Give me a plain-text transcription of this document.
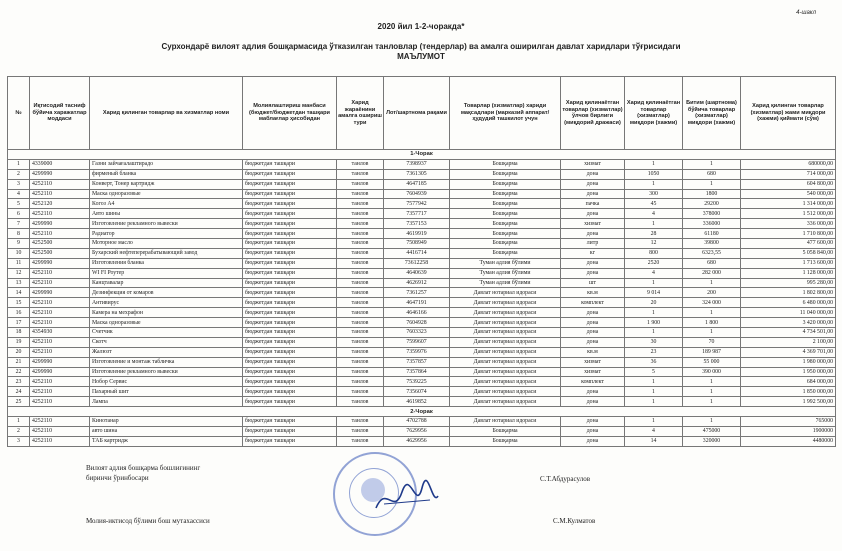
4-шакл
2020 йил 1-2-чоракда*
Сурхондарё вилоят адлия бошқармасида ўтказилган танловлар (тендерлар) ва амалга оширилган давлат харидлари тўғрисидаги
МАЪЛУМОТ
№	Иқтисодий тасниф бўйича харажатлар моддаси	Харид қилинган товарлар ва хизматлар номи	Молиялаштириш манбаси (бюджет/бюджетдан ташқари маблағлар ҳисобидан	Харид жараёнини амалга ошириш тури	Лот/шартнома рақами	Товарлар (хизматлар) хариди мақсадлари (марказий аппарат/ҳудудий ташкилот учун	Харид қилинаётган товарлар (хизматлар) ўлчов бирлиги (миқдорий дражаси)	Харид қилинаётган товарлар (хизматлар) миқдори (хажми)	Битим (шартнома) бўйича товарлар (хизматлар) миқдори (хажми)	Харид қилинган товарлар (хизматлар) жами миқдори (хажми) қиймати (сўм)
1-Чорак										
1	4339000	Газни зайчағалаштирадо	бюджетдан ташқари	танлов	7398937	Бошқарма	хизмат	1	1	680000,00
2	4299990	фирменый бланка	бюджетдан ташқари	танлов	7361305	Бошқарма	дона	1050	680	714 000,00
3	4252110	Конверт, Тонер картридж	бюджетдан ташқари	танлов	4647185	Бошқарма	дона	1	1	604 800,00
4	4252110	Маска одноразовые	бюджетдан ташқари	танлов	7604939	Бошқарма	дона	300	1800	540 000,00
5	4252120	Когоз А4	бюджетдан ташқари	танлов	7577942	Бошқарма	пачка	45	29200	1 314 000,00
6	4252110	Авто шины	бюджетдан ташқари	танлов	7357717	Бошқарма	дона	4	378000	1 512 000,00
7	4299990	Изготовление рекламного вывески	бюджетдан ташқари	танлов	7357153	Бошқарма	хизмат	1	336000	336 000,00
8	4252110	Радиатор	бюджетдан ташқари	танлов	4619919	Бошқарма	дона	28	61180	1 710 800,00
9	4252500	Моторное масло	бюджетдан ташқари	танлов	7508949	Бошқарма	литр	12	39800	477 600,00
10	4252500	Бухарский нефтеперерабатывающий завод	бюджетдан ташқари	танлов	4416714	Бошқарма	кг	800	6323,55	5 058 840,00
11	4299990	Изготовления бланка	бюджетдан ташқари	танлов	73612258	Туман адлия бўлими	дона	2520	680	1 713 600,00
12	4252110	WI FI Роутер	бюджетдан ташқари	танлов	4640639	Туман адлия бўлими	дона	4	282 000	1 128 000,00
13	4252110	Канцтавалар	бюджетдан ташқари	танлов	4626912	Туман адлия бўлими	шт	1	1	995 280,00
14	4299990	Дезинфекция от комаров	бюджетдан ташқари	танлов	7361257	Давлат нотариал идораси	кв.м	9 014	200	1 802 800,00
15	4252110	Антивирус	бюджетдан ташқари	танлов	4647191	Давлат нотариал идораси	комплект	20	324 000	6 480 000,00
16	4252110	Камера на мехрафон	бюджетдан ташқари	танлов	4646166	Давлат нотариал идораси	дона	1	1	11 040 000,00
17	4252110	Маска одноразовые	бюджетдан ташқари	танлов	7604928	Давлат нотариал идораси	дона	1 900	1 800	3 420 000,00
18	4354930	Счетчик	бюджетдан ташқари	танлов	7603323	Давлат нотариал идораси	дона	1	1	4 734 501,00
19	4252110	Скотч	бюджетдан ташқари	танлов	7599607	Давлат нотариал идораси	дона	30	70	2 100,00
20	4252110	Жалюзт	бюджетдан ташқари	танлов	7359976	Давлат нотариал идораси	кв.м	23	189 987	4 369 701,00
21	4299990	Изготовление и монтаж табличка	бюджетдан ташқари	танлов	7357857	Давлат нотариал идораси	хизмат	36	55 000	1 980 000,00
22	4299990	Изготовление рекламного вывески	бюджетдан ташқари	танлов	7357864	Давлат нотариал идораси	хизмат	5	390 000	1 950 000,00
23	4252110	Нобор Сервис	бюджетдан ташқари	танлов	7539225	Давлат нотариал идораси	комплект	1	1	684 000,00
24	4252110	Пахарный шит	бюджетдан ташқари	танлов	7356074	Давлат нотариал идораси	дона	1	1	1 850 000,00
25	4252110	Лампа	бюджетдан ташқари	танлов	4619852	Давлат нотариал идораси	дона	1	1	1 992 500,00
2-Чорак										
1	4252110	Кинотанар	бюджетдан ташқари	танлов	4702788	Давлат нотариал идораси	дона	1	1	765000
2	4252110	авто шина	бюджетдан ташқари	танлов	7629956	Бошқарма	дона	4	475000	1900000
3	4252110	ТАБ картридж	бюджетдан ташқари	танлов	4629956	Бошқарма	дона	14	320000	4480000
Вилоят адлия бошқарма бошлиғининг
биринчи ўринбосари	С.Т.Абдурасулов
Молия-иктисод бўлими бош мутахассиси	С.М.Кулматов
